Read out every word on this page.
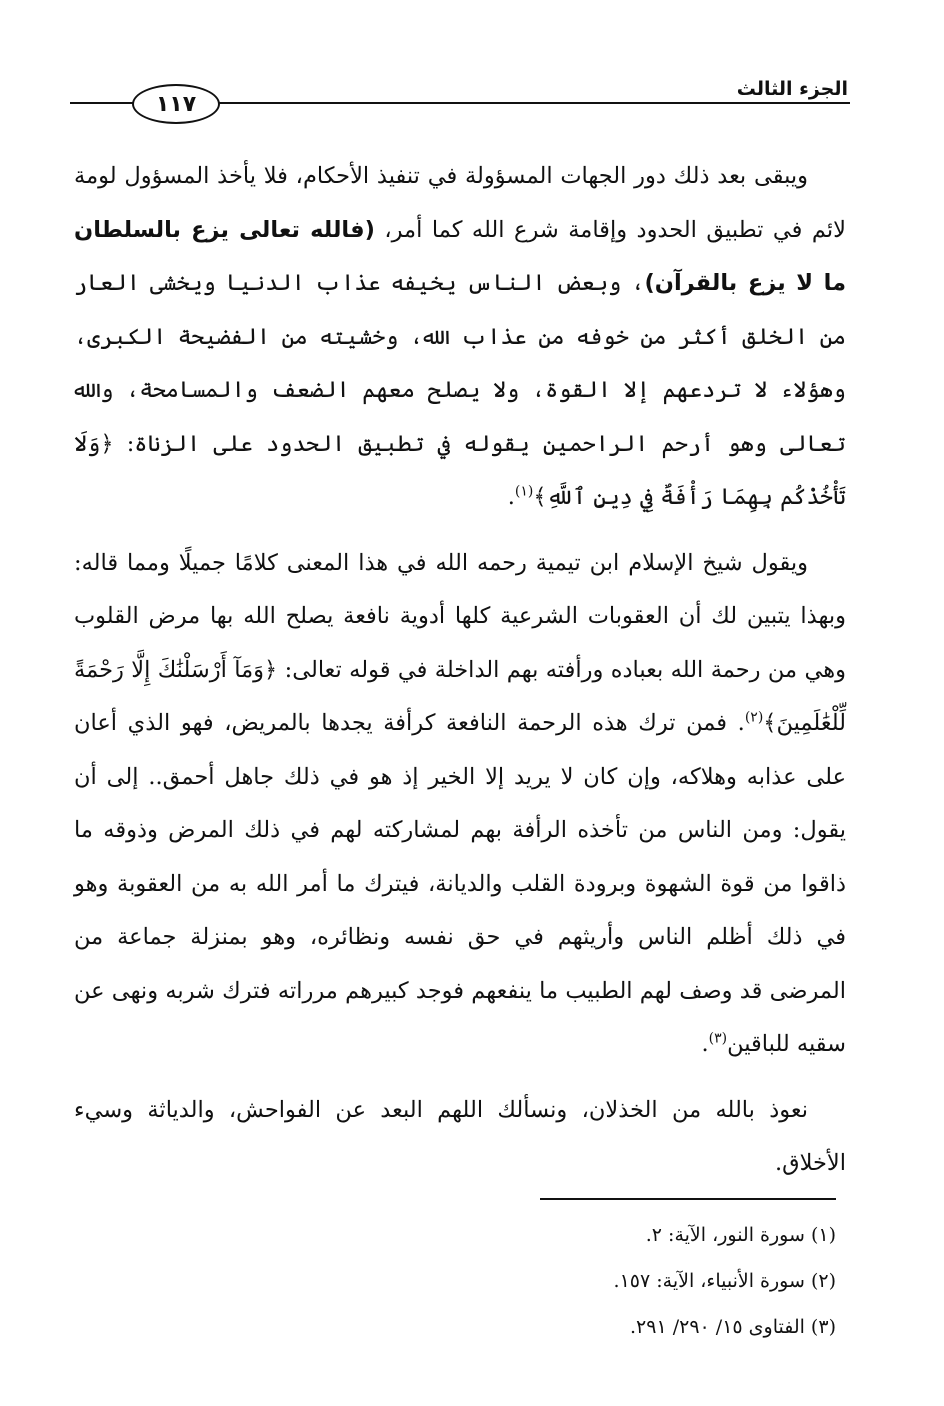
الجزء الثالث
١١٧

ويبقى بعد ذلك دور الجهات المسؤولة في تنفيذ الأحكام، فلا يأخذ المسؤول لومة لائم في تطبيق الحدود وإقامة شرع الله كما أمر، (فالله تعالى يزع بالسلطان ما لا يزع بالقرآن)، وبعض الناس يخيفه عذاب الدنيا ويخشى العار من الخلق أكثر من خوفه من عذاب الله، وخشيته من الفضيحة الكبرى، وهؤلاء لا تردعهم إلا القوة، ولا يصلح معهم الضعف والمسامحة، والله تعالى وهو أرحم الراحمين يقوله في تطبيق الحدود على الزناة: ﴿وَلَا تَأْخُذْكُم بِهِمَا رَأْفَةٌ فِي دِينِ ٱللَّهِ﴾$^{(١)}$.

ويقول شيخ الإسلام ابن تيمية رحمه الله في هذا المعنى كلامًا جميلًا ومما قاله: وبهذا يتبين لك أن العقوبات الشرعية كلها أدوية نافعة يصلح الله بها مرض القلوب وهي من رحمة الله بعباده ورأفته بهم الداخلة في قوله تعالى: ﴿وَمَآ أَرْسَلْنَٰكَ إِلَّا رَحْمَةً لِّلْعَٰلَمِينَ﴾$^{(٢)}$. فمن ترك هذه الرحمة النافعة كرأفة يجدها بالمريض، فهو الذي أعان على عذابه وهلاكه، وإن كان لا يريد إلا الخير إذ هو في ذلك جاهل أحمق.. إلى أن يقول: ومن الناس من تأخذه الرأفة بهم لمشاركته لهم في ذلك المرض وذوقه ما ذاقوا من قوة الشهوة وبرودة القلب والديانة، فيترك ما أمر الله به من العقوبة وهو في ذلك أظلم الناس وأريثهم في حق نفسه ونظائره، وهو بمنزلة جماعة من المرضى قد وصف لهم الطبيب ما ينفعهم فوجد كبيرهم مرراته فترك شربه ونهى عن سقيه للباقين$^{(٣)}$.

نعوذ بالله من الخذلان، ونسألك اللهم البعد عن الفواحش، والدياثة وسيء الأخلاق.

(١) سورة النور، الآية: ٢.

(٢) سورة الأنبياء، الآية: ١٥٧.

(٣) الفتاوى ١٥/ ٢٩٠/ ٢٩١.
